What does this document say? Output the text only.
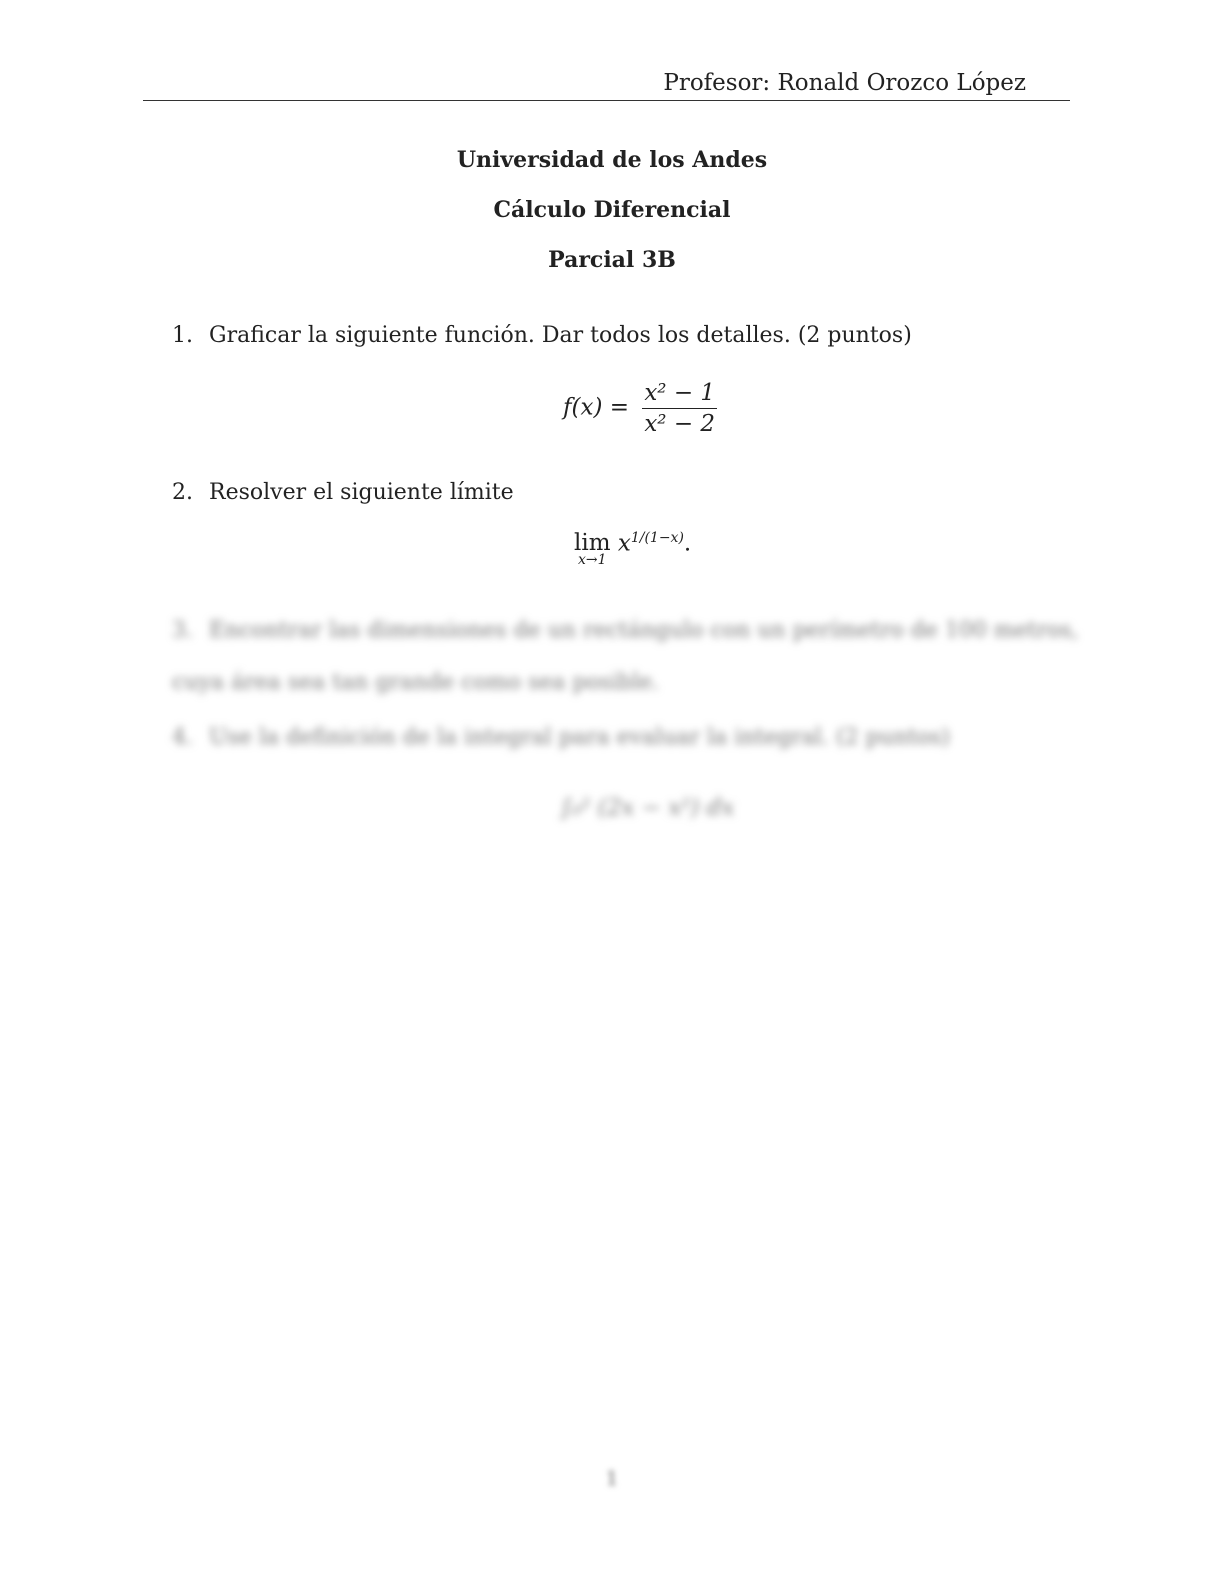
Profesor: Ronald Orozco López
Universidad de los Andes
Cálculo Diferencial
Parcial 3B
1. Graficar la siguiente función. Dar todos los detalles. (2 puntos)
$f(x) = \frac{\text{x² − 1}}{\text{x² − 2}}$
2. Resolver el siguiente límite
lim
x→1
$x^{1/(1-x)}$.
3. Encontrar las dimensiones de un rectángulo con un perímetro de 100 metros, cuya área sea tan grande como sea posible.
4. Use la definición de la integral para evaluar la integral. (2 puntos)
∫₀² (2x − x²) dx
1
